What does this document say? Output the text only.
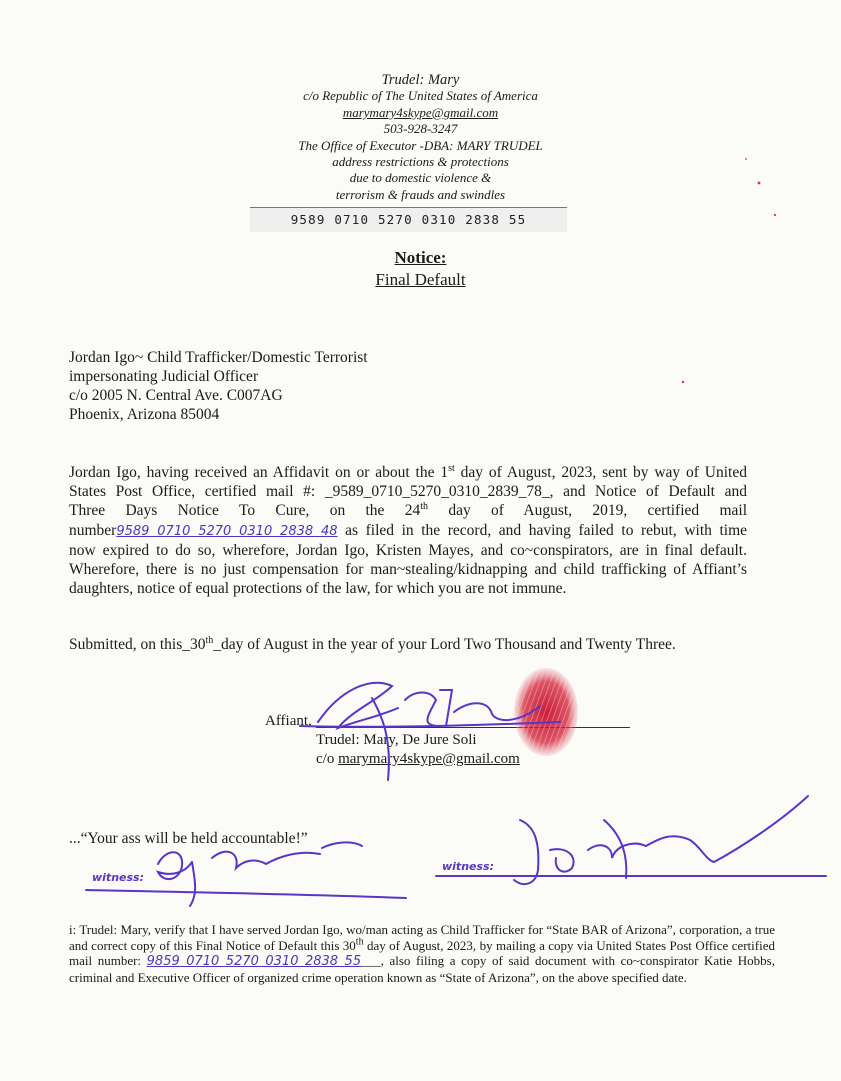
Trudel: Mary
c/o Republic of The United States of America
marymary4skype@gmail.com
503-928-3247
The Office of Executor -DBA: MARY TRUDEL
address restrictions & protections
due to domestic violence &
terrorism & frauds and swindles
9589 0710 5270 0310 2838 55
Notice:
Final Default
Jordan Igo~ Child Trafficker/Domestic Terrorist
impersonating Judicial Officer
c/o 2005 N. Central Ave. C007AG
Phoenix, Arizona 85004
Jordan Igo, having received an Affidavit on or about the 1st day of August, 2023, sent by way of United
States Post Office, certified mail #: _9589_0710_5270_0310_2839_78_, and Notice of Default and
Three Days Notice To Cure, on the 24th day of August, 2019, certified mail
number9589 0710 5270 0310 2838 48 as filed in the record, and having failed to rebut, with time
now expired to do so, wherefore, Jordan Igo, Kristen Mayes, and co~conspirators, are in final default.
Wherefore, there is no just compensation for man~stealing/kidnapping and child trafficking of Affiant’s
daughters, notice of equal protections of the law, for which you are not immune.
Submitted, on this_30th_day of August in the year of your Lord Two Thousand and Twenty Three.
Affiant,
Trudel: Mary, De Jure Soli
c/o marymary4skype@gmail.com
witness:
witness:
...“Your ass will be held accountable!”
i: Trudel: Mary, verify that I have served Jordan Igo, wo/man acting as Child Trafficker for “State BAR of Arizona”, corporation, a true and correct copy of this Final Notice of Default this 30th day of August, 2023, by mailing a copy via United States Post Office certified mail number: 9859 0710 5270 0310 2838 55___, also filing a copy of said document with co~conspirator Katie Hobbs, criminal and Executive Officer of organized crime operation known as “State of Arizona”, on the above specified date.
